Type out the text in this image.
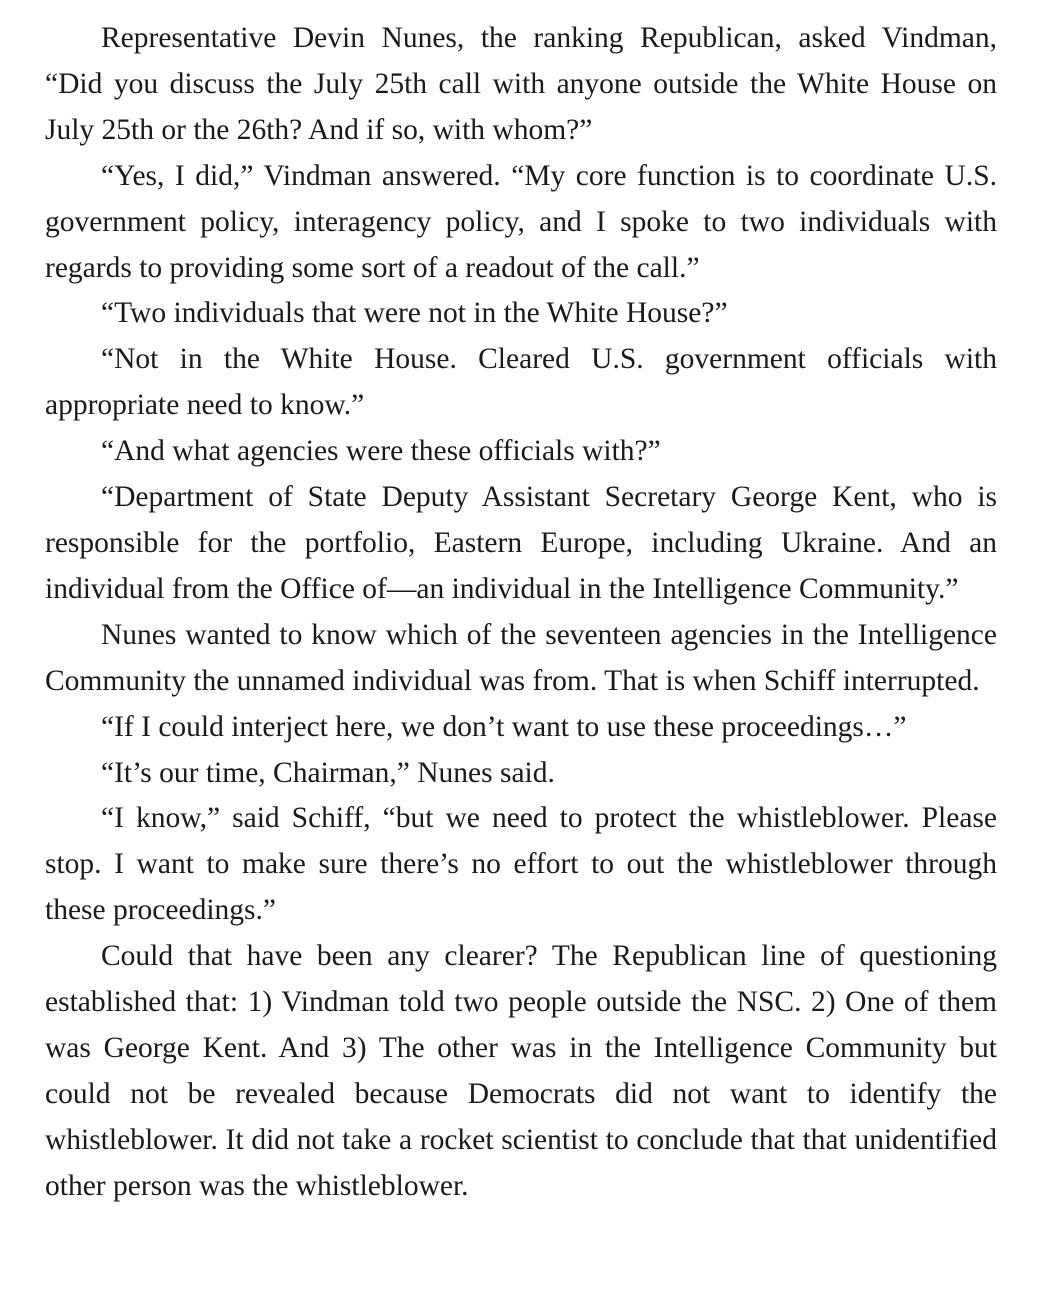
Representative Devin Nunes, the ranking Republican, asked Vindman, “Did you discuss the July 25th call with anyone outside the White House on July 25th or the 26th? And if so, with whom?”

“Yes, I did,” Vindman answered. “My core function is to coordinate U.S. government policy, interagency policy, and I spoke to two individuals with regards to providing some sort of a readout of the call.”

“Two individuals that were not in the White House?”

“Not in the White House. Cleared U.S. government officials with appropriate need to know.”

“And what agencies were these officials with?”

“Department of State Deputy Assistant Secretary George Kent, who is responsible for the portfolio, Eastern Europe, including Ukraine. And an individual from the Office of—an individual in the Intelligence Community.”

Nunes wanted to know which of the seventeen agencies in the Intelligence Community the unnamed individual was from. That is when Schiff interrupted.

“If I could interject here, we don’t want to use these proceedings…”

“It’s our time, Chairman,” Nunes said.

“I know,” said Schiff, “but we need to protect the whistleblower. Please stop. I want to make sure there’s no effort to out the whistleblower through these proceedings.”

Could that have been any clearer? The Republican line of questioning established that: 1) Vindman told two people outside the NSC. 2) One of them was George Kent. And 3) The other was in the Intelligence Community but could not be revealed because Democrats did not want to identify the whistleblower. It did not take a rocket scientist to conclude that that unidentified other person was the whistleblower.
